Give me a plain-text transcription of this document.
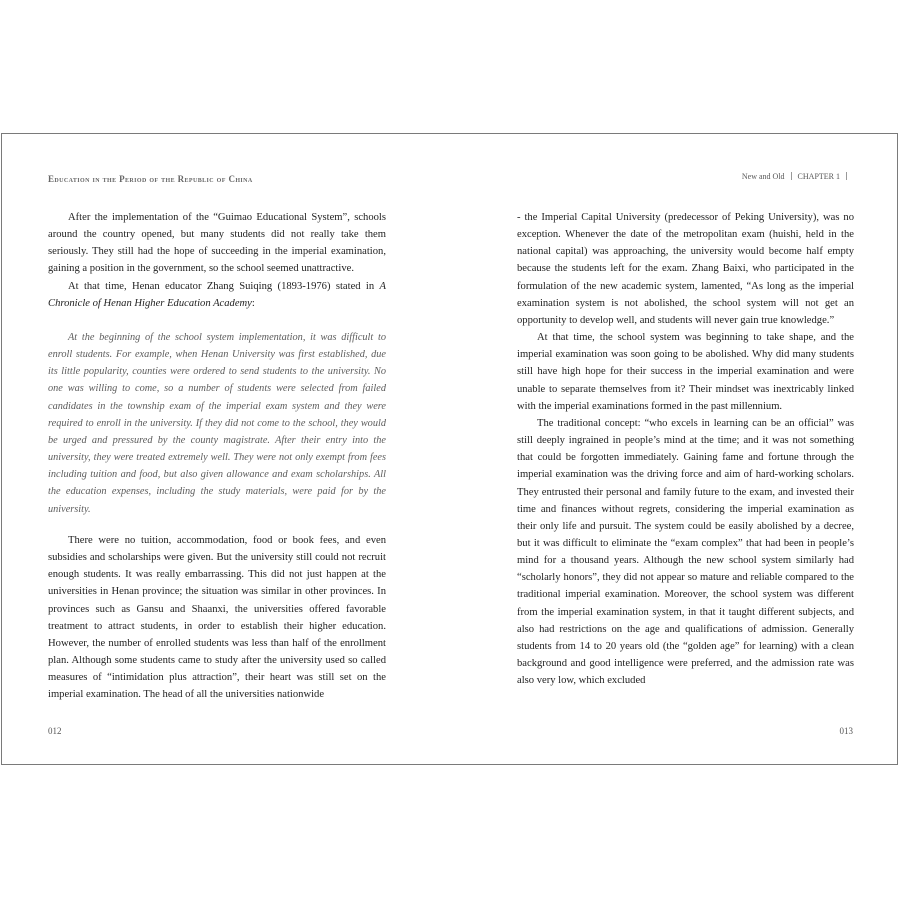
Education in the Period of the Republic of China

After the implementation of the “Guimao Educational System”, schools around the country opened, but many students did not really take them seriously. They still had the hope of succeeding in the imperial examination, gaining a position in the government, so the school seemed unattractive.

At that time, Henan educator Zhang Suiqing (1893-1976) stated in A Chronicle of Henan Higher Education Academy:

At the beginning of the school system implementation, it was difficult to enroll students. For example, when Henan University was first established, due its little popularity, counties were ordered to send students to the university. No one was willing to come, so a number of students were selected from failed candidates in the township exam of the imperial exam system and they were required to enroll in the university. If they did not come to the school, they would be urged and pressured by the county magistrate. After their entry into the university, they were treated extremely well. They were not only exempt from fees including tuition and food, but also given allowance and exam scholarships. All the education expenses, including the study materials, were paid for by the university.

There were no tuition, accommodation, food or book fees, and even subsidies and scholarships were given. But the university still could not recruit enough students. It was really embarrassing. This did not just happen at the universities in Henan province; the situation was similar in other provinces. In provinces such as Gansu and Shaanxi, the universities offered favorable treatment to attract students, in order to establish their higher education. However, the number of enrolled students was less than half of the enrollment plan. Although some students came to study after the university used so called measures of “intimidation plus attraction”, their heart was still set on the imperial examination. The head of all the universities nationwide

012
New and Old CHAPTER 1

- the Imperial Capital University (predecessor of Peking University), was no exception. Whenever the date of the metropolitan exam (huishi, held in the national capital) was approaching, the university would become half empty because the students left for the exam. Zhang Baixi, who participated in the formulation of the new academic system, lamented, “As long as the imperial examination system is not abolished, the school system will not get an opportunity to develop well, and students will never gain true knowledge.”

At that time, the school system was beginning to take shape, and the imperial examination was soon going to be abolished. Why did many students still have high hope for their success in the imperial examination and were unable to separate themselves from it? Their mindset was inextricably linked with the imperial examinations formed in the past millennium.

The traditional concept: “who excels in learning can be an official” was still deeply ingrained in people’s mind at the time; and it was not something that could be forgotten immediately. Gaining fame and fortune through the imperial examination was the driving force and aim of hard-working scholars. They entrusted their personal and family future to the exam, and invested their time and finances without regrets, considering the imperial examination as their only life and pursuit. The system could be easily abolished by a decree, but it was difficult to eliminate the “exam complex” that had been in people’s mind for a thousand years. Although the new school system similarly had “scholarly honors”, they did not appear so mature and reliable compared to the traditional imperial examination. Moreover, the school system was different from the imperial examination system, in that it taught different subjects, and also had restrictions on the age and qualifications of admission. Generally students from 14 to 20 years old (the “golden age” for learning) with a clean background and good intelligence were preferred, and the admission rate was also very low, which excluded

013
